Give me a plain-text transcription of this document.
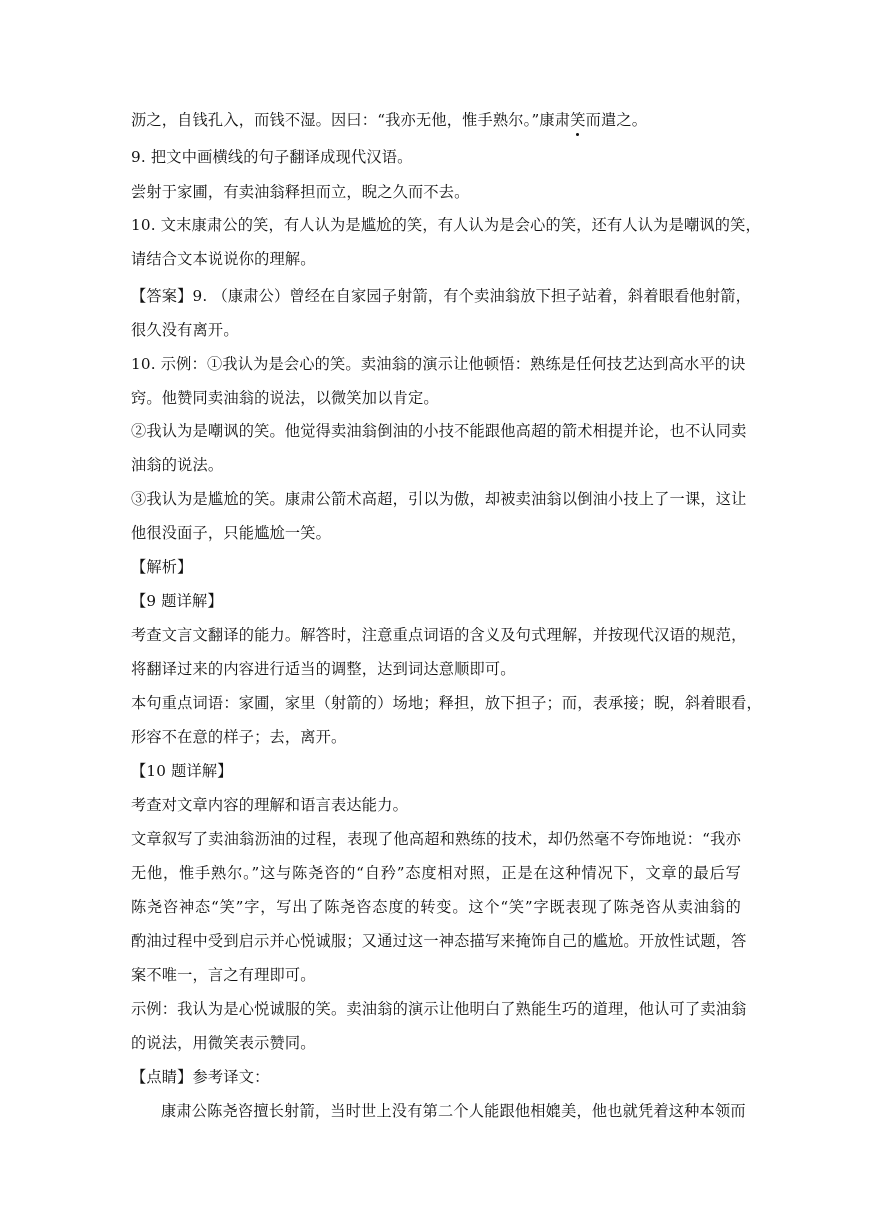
沥之，自钱孔入，而钱不湿。因曰：“我亦无他，惟手熟尔。”康肃笑而遣之。
9. 把文中画横线的句子翻译成现代汉语。
尝射于家圃，有卖油翁释担而立，睨之久而不去。
10. 文末康肃公的笑，有人认为是尴尬的笑，有人认为是会心的笑，还有人认为是嘲讽的笑，
请结合文本说说你的理解。
【答案】9. （康肃公）曾经在自家园子射箭，有个卖油翁放下担子站着，斜着眼看他射箭，
很久没有离开。
10. 示例：①我认为是会心的笑。卖油翁的演示让他顿悟：熟练是任何技艺达到高水平的诀
窍。他赞同卖油翁的说法，以微笑加以肯定。
②我认为是嘲讽的笑。他觉得卖油翁倒油的小技不能跟他高超的箭术相提并论，也不认同卖
油翁的说法。
③我认为是尴尬的笑。康肃公箭术高超，引以为傲，却被卖油翁以倒油小技上了一课，这让
他很没面子，只能尴尬一笑。
【解析】
【9 题详解】
考查文言文翻译的能力。解答时，注意重点词语的含义及句式理解，并按现代汉语的规范，
将翻译过来的内容进行适当的调整，达到词达意顺即可。
本句重点词语：家圃，家里（射箭的）场地；释担，放下担子；而，表承接；睨，斜着眼看，
形容不在意的样子；去，离开。
【10 题详解】
考查对文章内容的理解和语言表达能力。
文章叙写了卖油翁沥油的过程，表现了他高超和熟练的技术，却仍然毫不夸饰地说：“我亦
无他，惟手熟尔。”这与陈尧咨的“自矜”态度相对照，正是在这种情况下，文章的最后写
陈尧咨神态“笑”字，写出了陈尧咨态度的转变。这个“笑”字既表现了陈尧咨从卖油翁的
酌油过程中受到启示并心悦诚服；又通过这一神态描写来掩饰自己的尴尬。开放性试题，答
案不唯一，言之有理即可。
示例：我认为是心悦诚服的笑。卖油翁的演示让他明白了熟能生巧的道理，他认可了卖油翁
的说法，用微笑表示赞同。
【点睛】参考译文：
康肃公陈尧咨擅长射箭，当时世上没有第二个人能跟他相媲美，他也就凭着这种本领而
